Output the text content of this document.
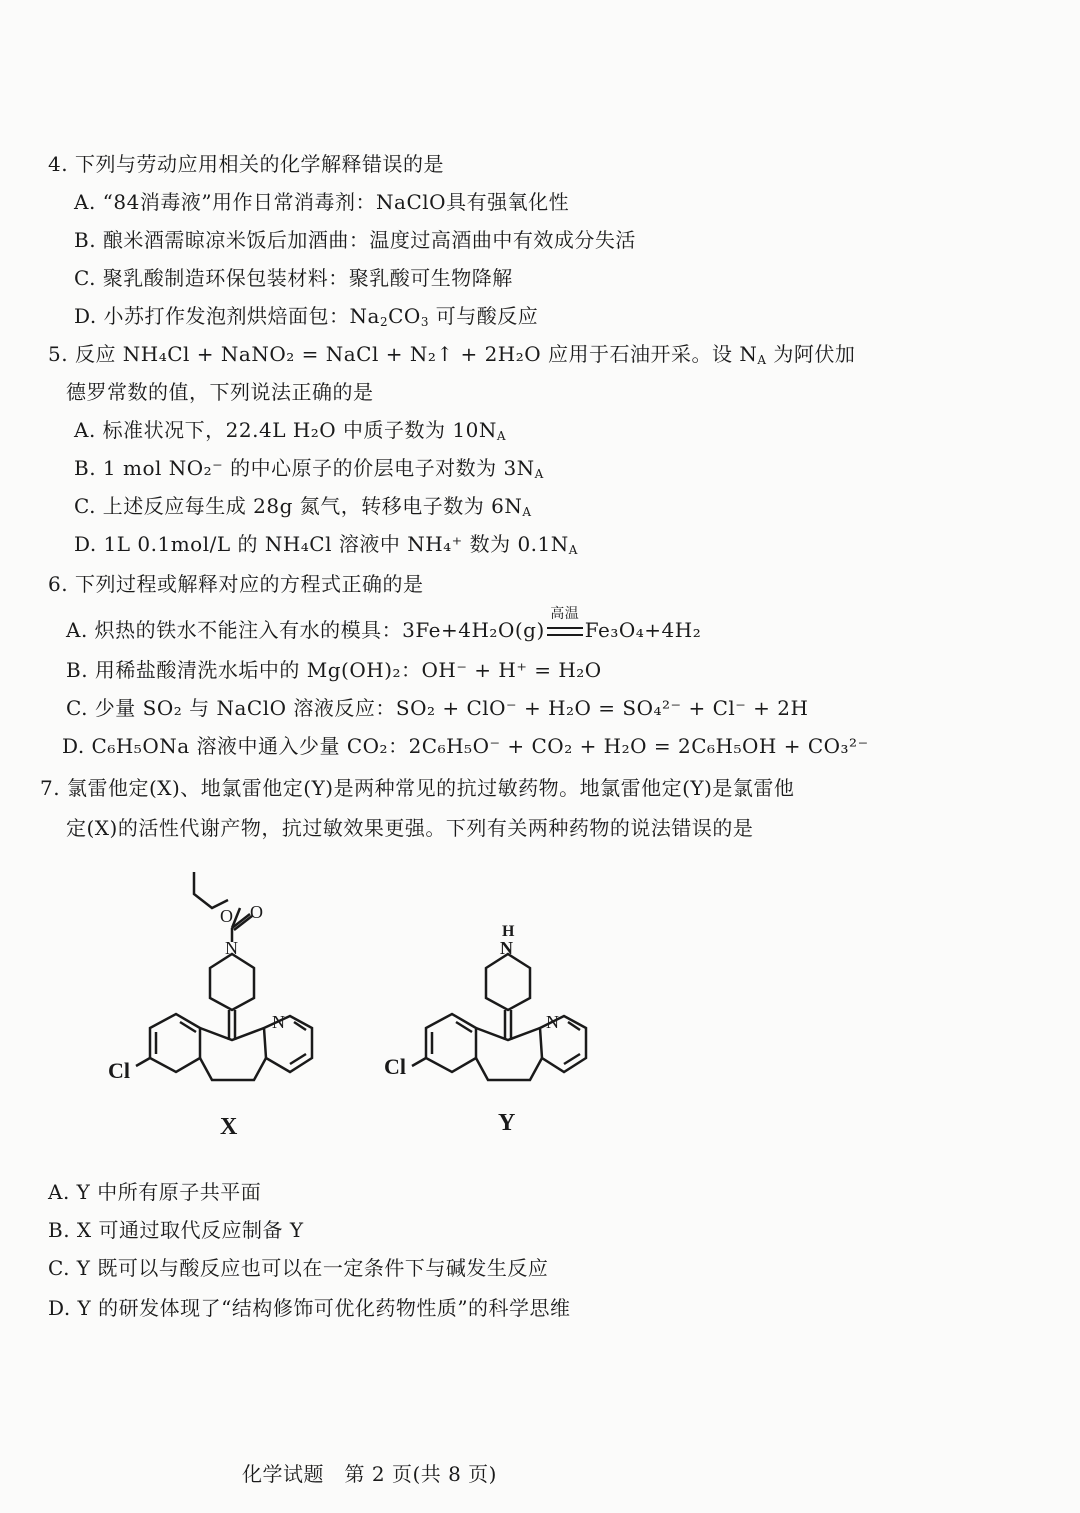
4. 下列与劳动应用相关的化学解释错误的是
A. “84消毒液”用作日常消毒剂：NaClO具有强氧化性
B. 酿米酒需晾凉米饭后加酒曲：温度过高酒曲中有效成分失活
C. 聚乳酸制造环保包装材料：聚乳酸可生物降解
D. 小苏打作发泡剂烘焙面包：$Na_2CO_3$ 可与酸反应
5. 反应 NH₄Cl + NaNO₂ = NaCl + N₂↑ + 2H₂O 应用于石油开采。设 $N_A$ 为阿伏加
德罗常数的值，下列说法正确的是
A. 标准状况下，22.4L H₂O 中质子数为 $10N_A$
B. 1 mol NO₂⁻ 的中心原子的价层电子对数为 $3N_A$
C. 上述反应每生成 28g 氮气，转移电子数为 $6N_A$
D. 1L 0.1mol/L 的 NH₄Cl 溶液中 NH₄⁺ 数为 $0.1N_A$
6. 下列过程或解释对应的方程式正确的是
A. 炽热的铁水不能注入有水的模具：3Fe+4H₂O(g)
高温
Fe₃O₄+4H₂
B. 用稀盐酸清洗水垢中的 Mg(OH)₂：OH⁻ + H⁺ = H₂O
C. 少量 SO₂ 与 NaClO 溶液反应：SO₂ + ClO⁻ + H₂O = SO₄²⁻ + Cl⁻ + 2H
D. C₆H₅ONa 溶液中通入少量 CO₂：2C₆H₅O⁻ + CO₂ + H₂O = 2C₆H₅OH + CO₃²⁻
7. 氯雷他定(X)、地氯雷他定(Y)是两种常见的抗过敏药物。地氯雷他定(Y)是氯雷他
定(X)的活性代谢产物，抗过敏效果更强。下列有关两种药物的说法错误的是
O O
N
N
Cl
X
H
N
N
Cl
Y
A. Y 中所有原子共平面
B. X 可通过取代反应制备 Y
C. Y 既可以与酸反应也可以在一定条件下与碱发生反应
D. Y 的研发体现了“结构修饰可优化药物性质”的科学思维
化学试题　第 2 页(共 8 页)
